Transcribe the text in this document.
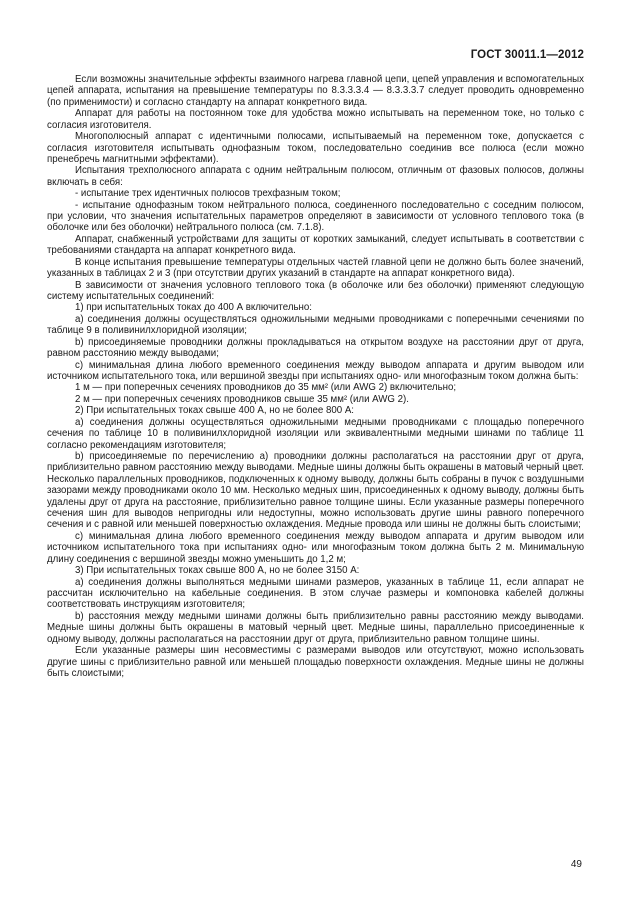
ГОСТ 30011.1—2012

Если возможны значительные эффекты взаимного нагрева главной цепи, цепей управления и вспомогательных цепей аппарата, испытания на превышение температуры по 8.3.3.3.4 — 8.3.3.3.7 следует проводить одновременно (по применимости) и согласно стандарту на аппарат конкретного вида.

Аппарат для работы на постоянном токе для удобства можно испытывать на переменном токе, но только с согласия изготовителя.

Многополюсный аппарат с идентичными полюсами, испытываемый на переменном токе, допускается с согласия изготовителя испытывать однофазным током, последовательно соединив все полюса (если можно пренебречь магнитными эффектами).

Испытания трехполюсного аппарата с одним нейтральным полюсом, отличным от фазовых полюсов, должны включать в себя:

- испытание трех идентичных полюсов трехфазным током;

- испытание однофазным током нейтрального полюса, соединенного последовательно с соседним полюсом, при условии, что значения испытательных параметров определяют в зависимости от условного теплового тока (в оболочке или без оболочки) нейтрального полюса (см. 7.1.8).

Аппарат, снабженный устройствами для защиты от коротких замыканий, следует испытывать в соответствии с требованиями стандарта на аппарат конкретного вида.

В конце испытания превышение температуры отдельных частей главной цепи не должно быть более значений, указанных в таблицах 2 и 3 (при отсутствии других указаний в стандарте на аппарат конкретного вида).

В зависимости от значения условного теплового тока (в оболочке или без оболочки) применяют следующую систему испытательных соединений:

1) при испытательных токах до 400 А включительно:

а) соединения должны осуществляться одножильными медными проводниками с поперечными сечениями по таблице 9 в поливинилхлоридной изоляции;

b) присоединяемые проводники должны прокладываться на открытом воздухе на расстоянии друг от друга, равном расстоянию между выводами;

c) минимальная длина любого временного соединения между выводом аппарата и другим выводом или источником испытательного тока, или вершиной звезды при испытаниях одно- или многофазным током должна быть:

1 м — при поперечных сечениях проводников до 35 мм² (или AWG 2) включительно;

2 м — при поперечных сечениях проводников свыше 35 мм² (или AWG 2).

2) При испытательных токах свыше 400 А, но не более 800 А:

а) соединения должны осуществляться одножильными медными проводниками с площадью поперечного сечения по таблице 10 в поливинилхлоридной изоляции или эквивалентными медными шинами по таблице 11 согласно рекомендациям изготовителя;

b) присоединяемые по перечислению а) проводники должны располагаться на расстоянии друг от друга, приблизительно равном расстоянию между выводами. Медные шины должны быть окрашены в матовый черный цвет. Несколько параллельных проводников, подключенных к одному выводу, должны быть собраны в пучок с воздушными зазорами между проводниками около 10 мм. Несколько медных шин, присоединенных к одному выводу, должны быть удалены друг от друга на расстояние, приблизительно равное толщине шины. Если указанные размеры поперечного сечения шин для выводов непригодны или недоступны, можно использовать другие шины равного поперечного сечения и с равной или меньшей поверхностью охлаждения. Медные провода или шины не должны быть слоистыми;

c) минимальная длина любого временного соединения между выводом аппарата и другим выводом или источником испытательного тока при испытаниях одно- или многофазным током должна быть 2 м. Минимальную длину соединения с вершиной звезды можно уменьшить до 1,2 м;

3) При испытательных токах свыше 800 А, но не более 3150 А:

а) соединения должны выполняться медными шинами размеров, указанных в таблице 11, если аппарат не рассчитан исключительно на кабельные соединения. В этом случае размеры и компоновка кабелей должны соответствовать инструкциям изготовителя;

b) расстояния между медными шинами должны быть приблизительно равны расстоянию между выводами. Медные шины должны быть окрашены в матовый черный цвет. Медные шины, параллельно присоединенные к одному выводу, должны располагаться на расстоянии друг от друга, приблизительно равном толщине шины.

Если указанные размеры шин несовместимы с размерами выводов или отсутствуют, можно использовать другие шины с приблизительно равной или меньшей площадью поверхности охлаждения. Медные шины не должны быть слоистыми;

49
